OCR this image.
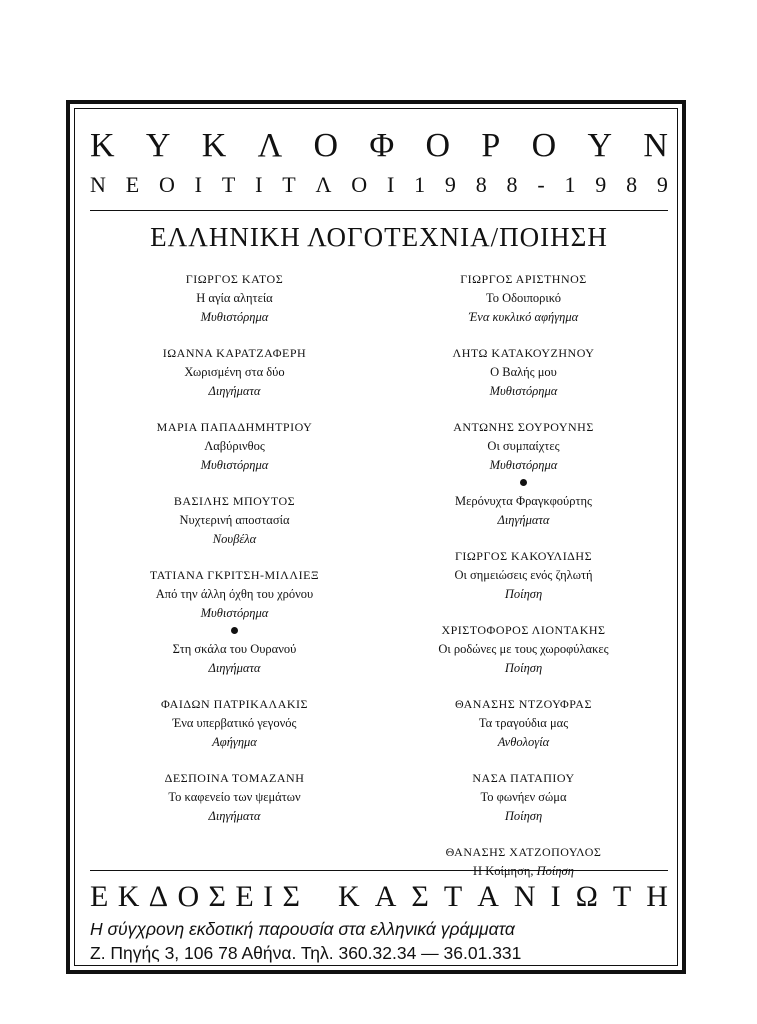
Κ Υ Κ Λ Ο Φ Ο Ρ Ο Υ Ν
Ν Ε Ο Ι Τ Ι Τ Λ Ο Ι 1 9 8 8 - 1 9 8 9
ΕΛΛΗΝΙΚΗ ΛΟΓΟΤΕΧΝΙΑ/ΠΟΙΗΣΗ
ΓΙΩΡΓΟΣ ΚΑΤΟΣ
Η αγία αλητεία
Μυθιστόρημα
ΙΩΑΝΝΑ ΚΑΡΑΤΖΑΦΕΡΗ
Χωρισμένη στα δύο
Διηγήματα
ΜΑΡΙΑ ΠΑΠΑΔΗΜΗΤΡΙΟΥ
Λαβύρινθος
Μυθιστόρημα
ΒΑΣΙΛΗΣ ΜΠΟΥΤΟΣ
Νυχτερινή αποστασία
Νουβέλα
ΤΑΤΙΑΝΑ ΓΚΡΙΤΣΗ-ΜΙΛΛΙΕΞ
Από την άλλη όχθη του χρόνου
Μυθιστόρημα
Στη σκάλα του Ουρανού
Διηγήματα
ΦΑΙΔΩΝ ΠΑΤΡΙΚΑΛΑΚΙΣ
Ένα υπερβατικό γεγονός
Αφήγημα
ΔΕΣΠΟΙΝΑ ΤΟΜΑΖΑΝΗ
Το καφενείο των ψεμάτων
Διηγήματα
ΓΙΩΡΓΟΣ ΑΡΙΣΤΗΝΟΣ
Το Οδοιπορικό
Ένα κυκλικό αφήγημα
ΛΗΤΩ ΚΑΤΑΚΟΥΖΗΝΟΥ
Ο Βαλής μου
Μυθιστόρημα
ΑΝΤΩΝΗΣ ΣΟΥΡΟΥΝΗΣ
Οι συμπαίχτες
Μυθιστόρημα
Μερόνυχτα Φραγκφούρτης
Διηγήματα
ΓΙΩΡΓΟΣ ΚΑΚΟΥΛΙΔΗΣ
Οι σημειώσεις ενός ζηλωτή
Ποίηση
ΧΡΙΣΤΟΦΟΡΟΣ ΛΙΟΝΤΑΚΗΣ
Οι ροδώνες με τους χωροφύλακες
Ποίηση
ΘΑΝΑΣΗΣ ΝΤΖΟΥΦΡΑΣ
Τα τραγούδια μας
Ανθολογία
ΝΑΣΑ ΠΑΤΑΠΙΟΥ
Το φωνήεν σώμα
Ποίηση
ΘΑΝΑΣΗΣ ΧΑΤΖΟΠΟΥΛΟΣ
Η Κοίμηση, Ποίηση
Ε Κ Δ Ο Σ Ε Ι Σ Κ Α Σ Τ Α Ν Ι Ω Τ Η
Η σύγχρονη εκδοτική παρουσία στα ελληνικά γράμματα
Ζ. Πηγής 3, 106 78 Αθήνα. Τηλ. 360.32.34 — 36.01.331
